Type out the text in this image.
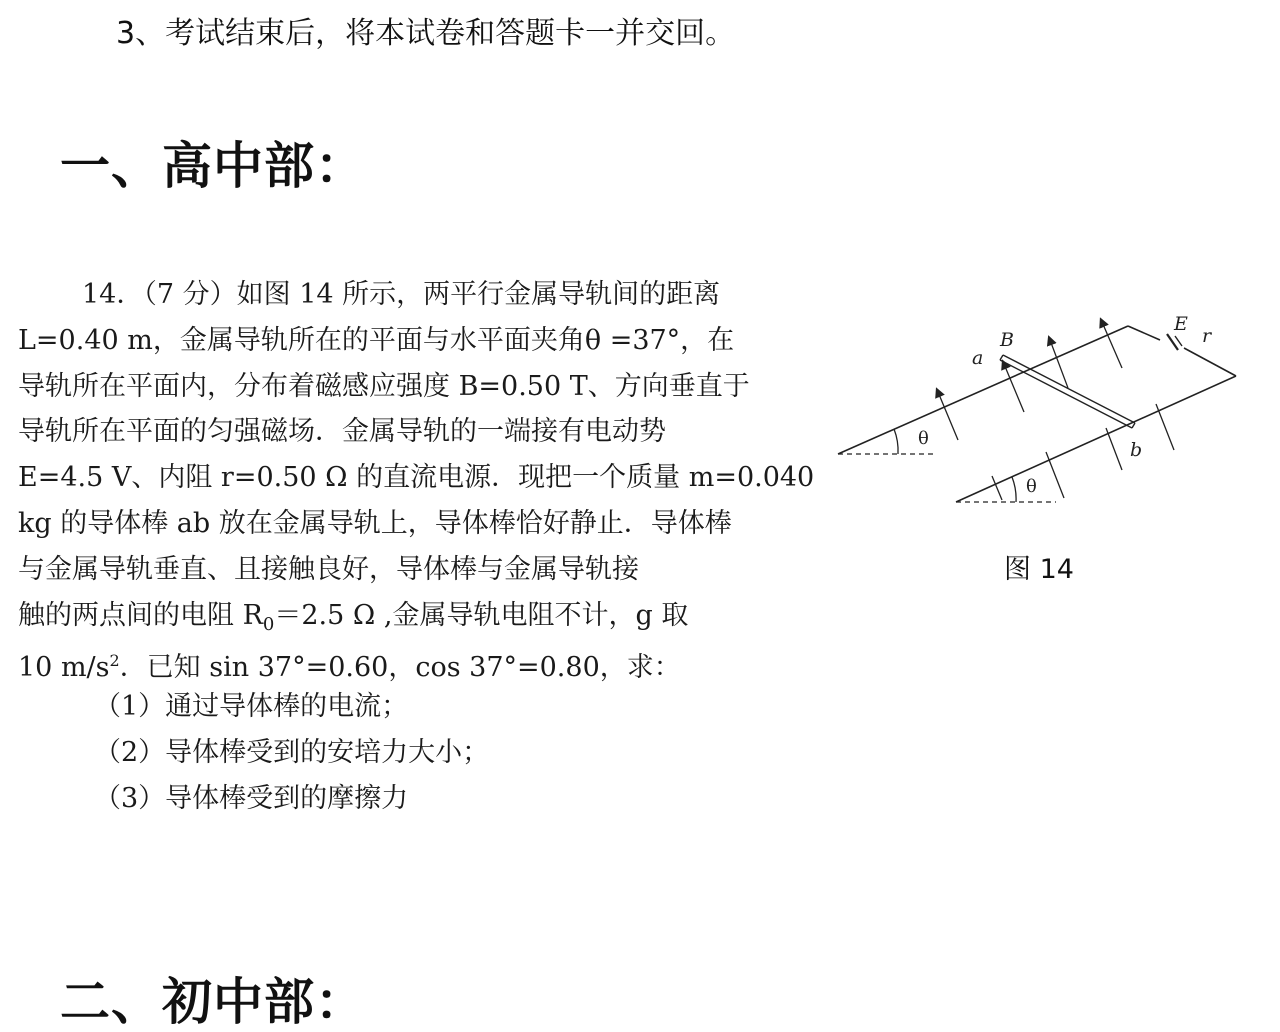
3、考试结束后，将本试卷和答题卡一并交回。
一、高中部：
14．（7 分）如图 14 所示，两平行金属导轨间的距离
L=0.40 m，金属导轨所在的平面与水平面夹角θ =37°，在
导轨所在平面内，分布着磁感应强度 B=0.50 T、方向垂直于
导轨所在平面的匀强磁场．金属导轨的一端接有电动势
E=4.5 V、内阻 r=0.50 Ω 的直流电源．现把一个质量 m=0.040
kg 的导体棒 ab 放在金属导轨上，导体棒恰好静止．导体棒
与金属导轨垂直、且接触良好，导体棒与金属导轨接
触的两点间的电阻 $R_0=2.5$ Ω ,金属导轨电阻不计，g 取
10 $m/s^2$．已知 sin 37°=0.60，cos 37°=0.80，求：
（1）通过导体棒的电流；
（2）导体棒受到的安培力大小；
（3）导体棒受到的摩擦力
B
a
b
E
r
θ
θ
图 14
二、初中部：
